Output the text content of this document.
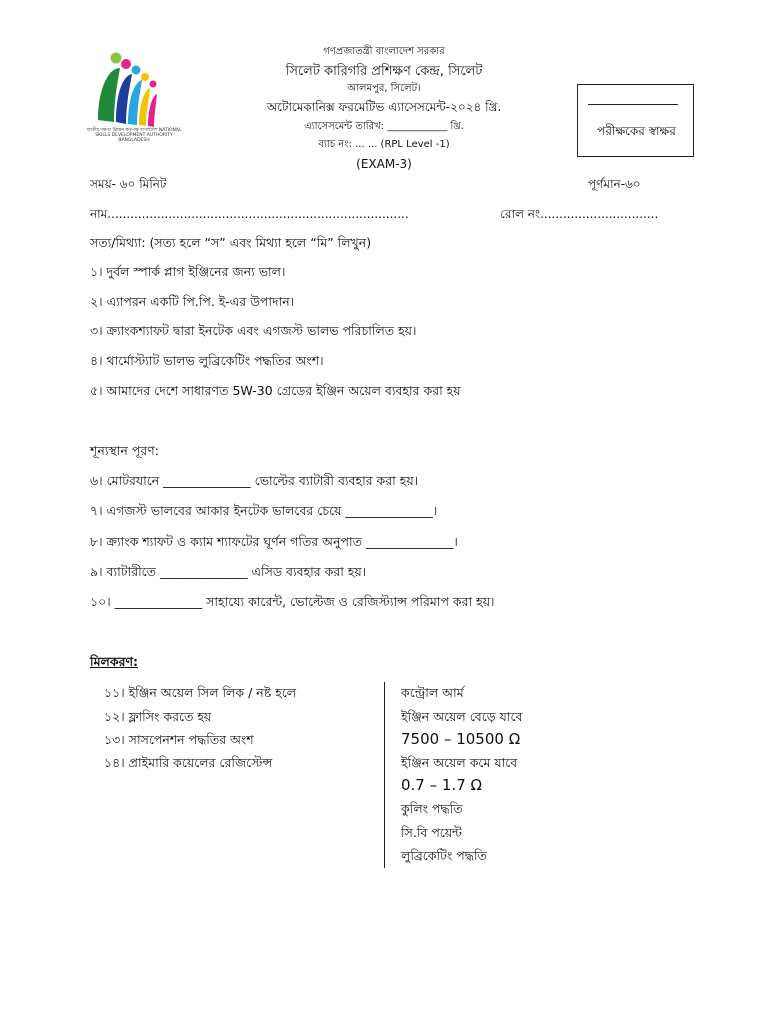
জাতীয় দক্ষতা উন্নয়ন কর্তৃপক্ষ বাংলাদেশ NATIONAL SKILLS DEVELOPMENT AUTHORITY BANGLADESH
গণপ্রজাতন্ত্রী বাংলাদেশ সরকার
সিলেট কারিগরি প্রশিক্ষণ কেন্দ্র, সিলেট
আলমপুর, সিলেট।
অটোমেকানিক্স ফরমেটিভ এ্যাসেসমেন্ট-২০২৪ খ্রি.
এ্যাসেসমেন্ট তারিখ: ____________ খ্রি.
ব্যাচ নং: ... ... (RPL Level -1)
(EXAM-3)
পরীক্ষকের স্বাক্ষর
সময়- ৬০ মিনিট	পূর্ণমান-৬০
নাম...............................................................................	রোল নং...............................
সত্য/মিথ্যা: (সত্য হলে “স” এবং মিথ্যা হলে “মি” লিখুন)
১। দুর্বল স্পার্ক প্লাগ ইঞ্জিনের জন্য ভাল।
২। এ্যাপরন একটি পি.পি. ই-এর উপাদান।
৩। ক্র্যাংকশ্যাফট দ্বারা ইনটেক এবং এগজস্ট ভালভ পরিচালিত হয়।
৪। থার্মোস্ট্যাট ভালভ লুব্রিকেটিং পদ্ধতির অংশ।
৫। আমাদের দেশে সাধারণত 5W-30 গ্রেডের ইঞ্জিন অয়েল ব্যবহার করা হয়
শূন্যস্থান পূরণ:
৬। মোটরযানে ______________ ভোল্টের ব্যাটারী ব্যবহার করা হয়।
৭। এগজস্ট ভালবের আকার ইনটেক ভালবের চেয়ে ______________।
৮। ক্র্যাংক শ্যাফট ও ক্যাম শ্যাফটের ঘূর্ণন গতির অনুপাত ______________।
৯। ব্যাটারীতে ______________ এসিড ব্যবহার করা হয়।
১০। ______________ সাহায্যে কারেন্ট, ভোল্টেজ ও রেজিস্ট্যান্স পরিমাপ করা হয়।
মিলকরণ:
১১। ইঞ্জিন অয়েল সিল লিক / নষ্ট হলে
১২। ফ্লাসিং করতে হয়
১৩। সাসপেনশন পদ্ধতির অংশ
১৪। প্রাইমারি কয়েলের রেজিস্টেন্স
কন্ট্রোল আর্ম
ইঞ্জিন অয়েল বেড়ে যাবে
7500 – 10500 Ω
ইঞ্জিন অয়েল কমে যাবে
0.7 – 1.7 Ω
কুলিং পদ্ধতি
সি.বি পয়েন্ট
লুব্রিকেটিং পদ্ধতি
